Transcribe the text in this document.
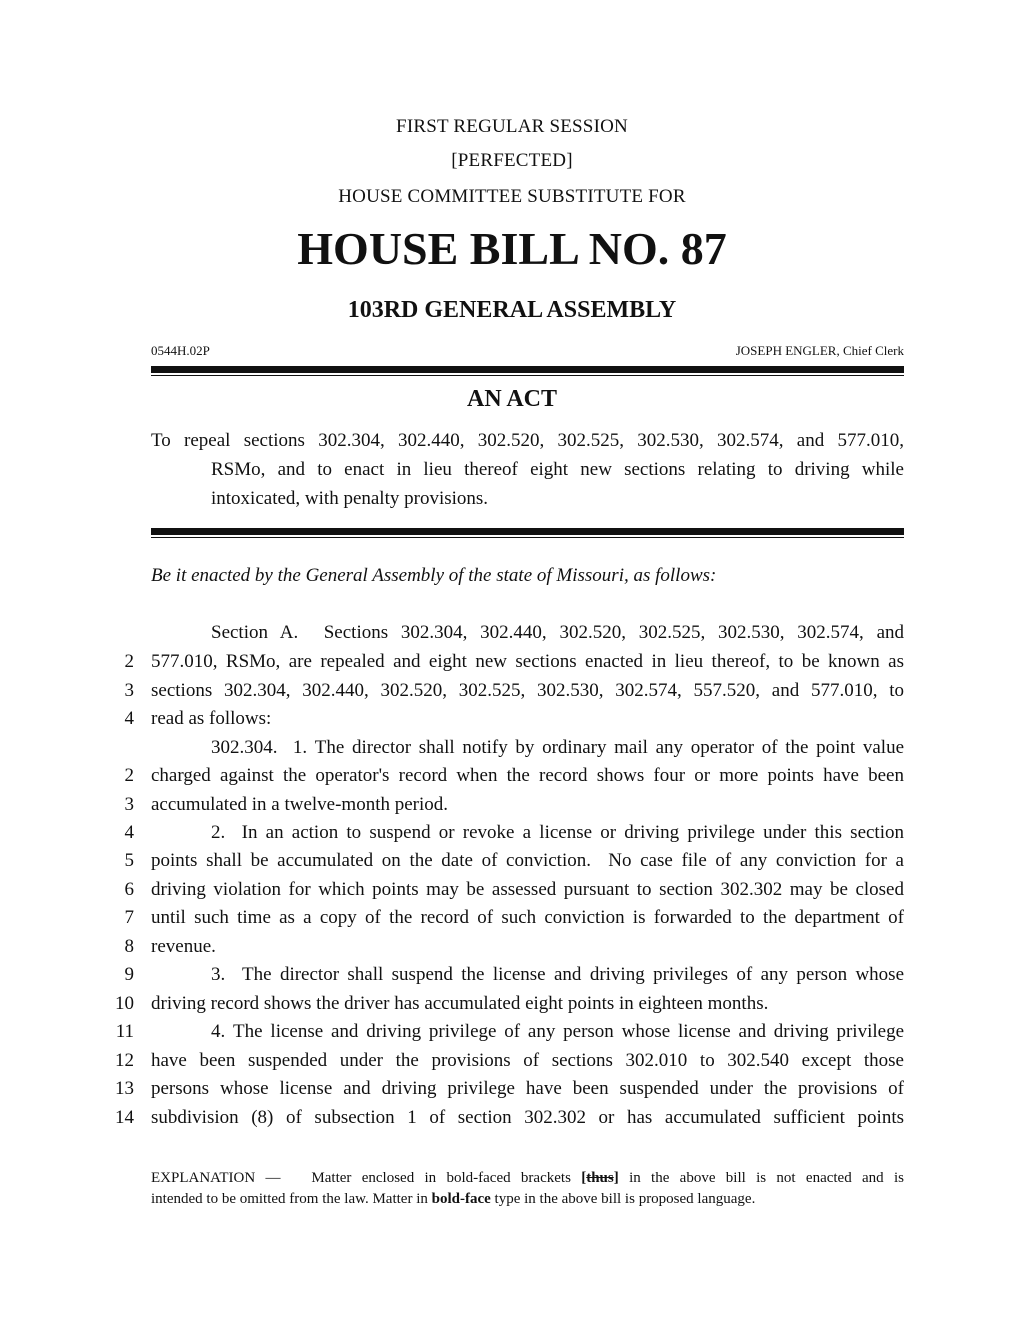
FIRST REGULAR SESSION
[PERFECTED]
HOUSE COMMITTEE SUBSTITUTE FOR
HOUSE BILL NO. 87
103RD GENERAL ASSEMBLY
0544H.02P	JOSEPH ENGLER, Chief Clerk
AN ACT
To repeal sections 302.304, 302.440, 302.520, 302.525, 302.530, 302.574, and 577.010,
RSMo, and to enact in lieu thereof eight new sections relating to driving while
intoxicated, with penalty provisions.
Be it enacted by the General Assembly of the state of Missouri, as follows:
Section A.  Sections 302.304, 302.440, 302.520, 302.525, 302.530, 302.574, and
2 577.010, RSMo, are repealed and eight new sections enacted in lieu thereof, to be known as
3 sections 302.304, 302.440, 302.520, 302.525, 302.530, 302.574, 557.520, and 577.010, to
4 read as follows:
302.304.  1. The director shall notify by ordinary mail any operator of the point value
2 charged against the operator's record when the record shows four or more points have been
3 accumulated in a twelve-month period.
4	2.  In an action to suspend or revoke a license or driving privilege under this section
5 points shall be accumulated on the date of conviction.  No case file of any conviction for a
6 driving violation for which points may be assessed pursuant to section 302.302 may be closed
7 until such time as a copy of the record of such conviction is forwarded to the department of
8 revenue.
9	3.  The director shall suspend the license and driving privileges of any person whose
10 driving record shows the driver has accumulated eight points in eighteen months.
11	4. The license and driving privilege of any person whose license and driving privilege
12 have been suspended under the provisions of sections 302.010 to 302.540 except those
13 persons whose license and driving privilege have been suspended under the provisions of
14 subdivision (8) of subsection 1 of section 302.302 or has accumulated sufficient points
EXPLANATION — Matter enclosed in bold-faced brackets [thus] in the above bill is not enacted and is
intended to be omitted from the law. Matter in bold-face type in the above bill is proposed language.
